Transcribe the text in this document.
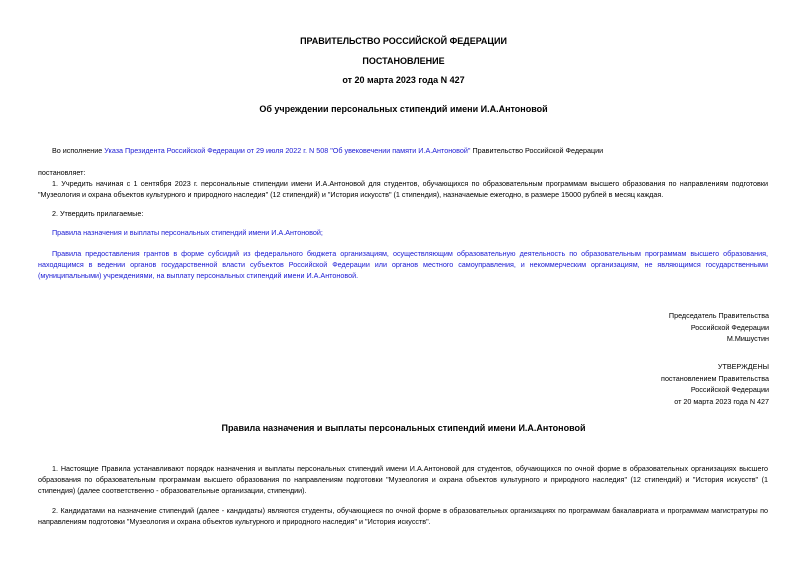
ПРАВИТЕЛЬСТВО РОССИЙСКОЙ ФЕДЕРАЦИИ
ПОСТАНОВЛЕНИЕ
от 20 марта 2023 года N 427
Об учреждении персональных стипендий имени И.А.Антоновой

Во исполнение Указа Президента Российской Федерации от 29 июля 2022 г. N 508 "Об увековечении памяти И.А.Антоновой" Правительство Российской Федерации

постановляет:

1. Учредить начиная с 1 сентября 2023 г. персональные стипендии имени И.А.Антоновой для студентов, обучающихся по образовательным программам высшего образования по направлениям подготовки "Музеология и охрана объектов культурного и природного наследия" (12 стипендий) и "История искусств" (1 стипендия), назначаемые ежегодно, в размере 15000 рублей в месяц каждая.

2. Утвердить прилагаемые:

Правила назначения и выплаты персональных стипендий имени И.А.Антоновой;

Правила предоставления грантов в форме субсидий из федерального бюджета организациям, осуществляющим образовательную деятельность по образовательным программам высшего образования, находящимся в ведении органов государственной власти субъектов Российской Федерации или органов местного самоуправления, и некоммерческим организациям, не являющимся государственными (муниципальными) учреждениями, на выплату персональных стипендий имени И.А.Антоновой.

Председатель Правительства
Российской Федерации
М.Мишустин
УТВЕРЖДЕНЫ
постановлением Правительства
Российской Федерации
от 20 марта 2023 года N 427
Правила назначения и выплаты персональных стипендий имени И.А.Антоновой

1. Настоящие Правила устанавливают порядок назначения и выплаты персональных стипендий имени И.А.Антоновой для студентов, обучающихся по очной форме в образовательных организациях высшего образования по образовательным программам высшего образования по направлениям подготовки "Музеология и охрана объектов культурного и природного наследия" (12 стипендий) и "История искусств" (1 стипендия) (далее соответственно - образовательные организации, стипендии).

2. Кандидатами на назначение стипендий (далее - кандидаты) являются студенты, обучающиеся по очной форме в образовательных организациях по программам бакалавриата и программам магистратуры по направлениям подготовки "Музеология и охрана объектов культурного и природного наследия" и "История искусств".
